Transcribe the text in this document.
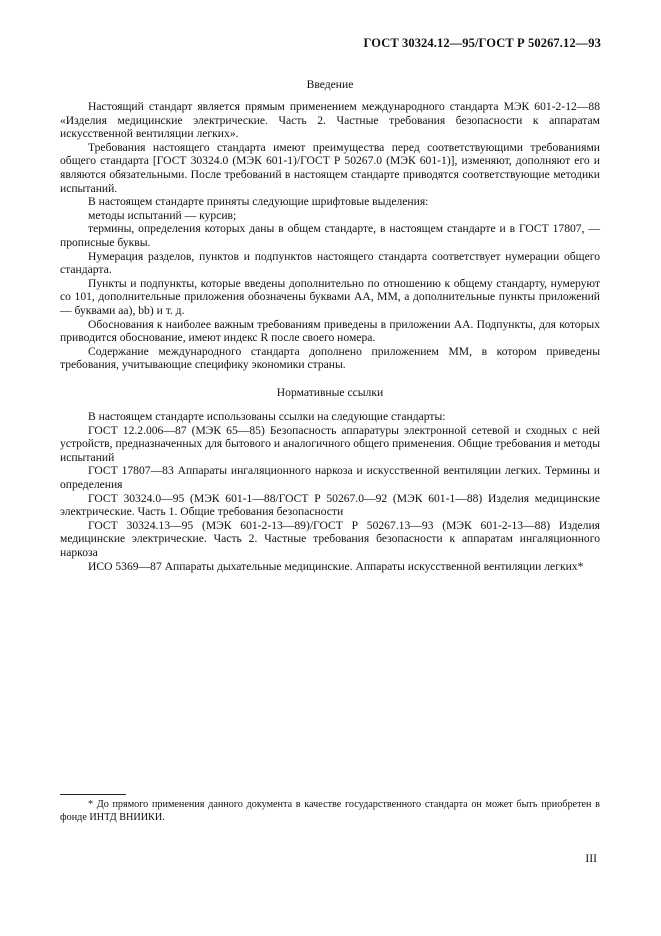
ГОСТ 30324.12—95/ГОСТ Р 50267.12—93
Введение

Настоящий стандарт является прямым применением международного стандарта МЭК 601-2-12—88 «Изделия медицинские электрические. Часть 2. Частные требования безопасности к аппаратам искусственной вентиляции легких».

Требования настоящего стандарта имеют преимущества перед соответствующими требованиями общего стандарта [ГОСТ 30324.0 (МЭК 601-1)/ГОСТ Р 50267.0 (МЭК 601-1)], изменяют, дополняют его и являются обязательными. После требований в настоящем стандарте приводятся соответствующие методики испытаний.

В настоящем стандарте приняты следующие шрифтовые выделения:

методы испытаний — курсив;

термины, определения которых даны в общем стандарте, в настоящем стандарте и в ГОСТ 17807, — прописные буквы.

Нумерация разделов, пунктов и подпунктов настоящего стандарта соответствует нумерации общего стандарта.

Пункты и подпункты, которые введены дополнительно по отношению к общему стандарту, нумеруют со 101, дополнительные приложения обозначены буквами АА, ММ, а дополнительные пункты приложений — буквами аа), bb) и т. д.

Обоснования к наиболее важным требованиям приведены в приложении АА. Подпункты, для которых приводится обоснование, имеют индекс R после своего номера.

Содержание международного стандарта дополнено приложением ММ, в котором приведены требования, учитывающие специфику экономики страны.

Нормативные ссылки

В настоящем стандарте использованы ссылки на следующие стандарты:

ГОСТ 12.2.006—87 (МЭК 65—85) Безопасность аппаратуры электронной сетевой и сходных с ней устройств, предназначенных для бытового и аналогичного общего применения. Общие требования и методы испытаний

ГОСТ 17807—83 Аппараты ингаляционного наркоза и искусственной вентиляции легких. Термины и определения

ГОСТ 30324.0—95 (МЭК 601-1—88/ГОСТ Р 50267.0—92 (МЭК 601-1—88) Изделия медицинские электрические. Часть 1. Общие требования безопасности

ГОСТ 30324.13—95 (МЭК 601-2-13—89)/ГОСТ Р 50267.13—93 (МЭК 601-2-13—88) Изделия медицинские электрические. Часть 2. Частные требования безопасности к аппаратам ингаляционного наркоза

ИСО 5369—87 Аппараты дыхательные медицинские. Аппараты искусственной вентиляции легких*

* До прямого применения данного документа в качестве государственного стандарта он может быть приобретен в фонде ИНТД ВНИИКИ.

III
